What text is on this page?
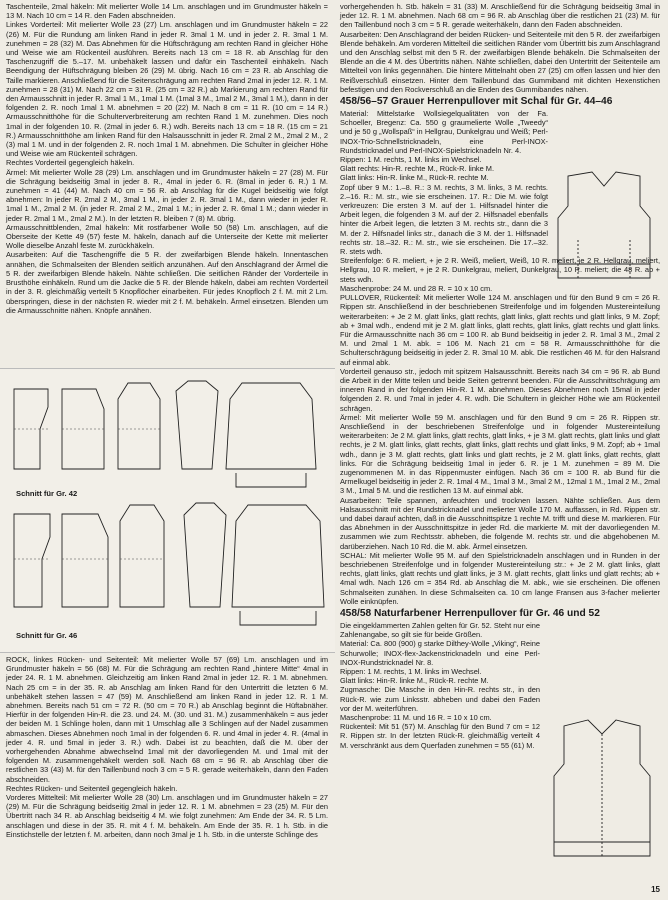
Taschenteile, 2mal häkeln: Mit melierter Wolle 14 Lm. anschlagen und im Grundmuster häkeln = 13 M. Nach 10 cm = 14 R. den Faden abschneiden.

Linkes Vorderteil: Mit melierter Wolle 23 (27) Lm. anschlagen und im Grundmuster häkeln = 22 (26) M. Für die Rundung am linken Rand in jeder R. 3mal 1 M. und in jeder 2. R. 3mal 1 M. zunehmen = 28 (32) M. Das Abnehmen für die Hüftschrägung am rechten Rand in gleicher Höhe und Weise wie am Rückenteil ausführen. Bereits nach 13 cm = 18 R. ab Anschlag für den Taschenzugriff die 5.–17. M. unbehäkelt lassen und dafür ein Taschenteil einhäkeln. Nach Beendigung der Hüftschrägung bleiben 26 (29) M. übrig. Nach 16 cm = 23 R. ab Anschlag die Taille markieren. Anschließend für die Seitenschrägung am rechten Rand 2mal in jeder 12. R. 1 M. zunehmen = 28 (31) M. Nach 22 cm = 31 R. (25 cm = 32 R.) ab Markierung am rechten Rand für den Armausschnitt in jeder R. 3mal 1 M., 1mal 1 M. (1mal 3 M., 1mal 2 M., 3mal 1 M.), dann in der folgenden 2. R. noch 1mal 1 M. abnehmen = 20 (22) M. Nach 8 cm = 11 R. (10 cm = 14 R.) Armausschnitthöhe für die Schulterverbreiterung am rechten Rand 1 M. zunehmen. Dies noch 1mal in der folgenden 10. R. (2mal in jeder 6. R.) wdh. Bereits nach 13 cm = 18 R. (15 cm = 21 R.) Armausschnitthöhe am linken Rand für den Halsausschnitt in jeder R. 2mal 2 M., 2mal 2 M., 2 (3) mal 1 M. und in der folgenden 2. R. noch 1mal 1 M. abnehmen. Die Schulter in gleicher Höhe und Weise wie am Rückenteil schrägen.

Rechtes Vorderteil gegengleich häkeln.

Ärmel: Mit melierter Wolle 28 (29) Lm. anschlagen und im Grundmuster häkeln = 27 (28) M. Für die Schrägung beidseitig 3mal in jeder 8. R., 4mal in jeder 6. R. (8mal in jeder 6. R.) 1 M. zunehmen = 41 (44) M. Nach 40 cm = 56 R. ab Anschlag für die Kugel beidseitig wie folgt abnehmen: In jeder R. 2mal 2 M., 3mal 1 M., in jeder 2. R. 3mal 1 M., dann wieder in jeder R. 1mal 1 M., 2mal 2 M. (in jeder R. 2mal 2 M., 2mal 1 M.; in jeder 2. R. 6mal 1 M.; dann wieder in jeder R. 2mal 1 M., 2mal 2 M.). In der letzten R. bleiben 7 (8) M. übrig.

Armausschnittblenden, 2mal häkeln: Mit rostfarbener Wolle 50 (58) Lm. anschlagen, auf die Oberseite der Kette 49 (57) feste M. häkeln, danach auf die Unterseite der Kette mit melierter Wolle dieselbe Anzahl feste M. zurückhäkeln.

Ausarbeiten: Auf die Taschengriffe die 5 R. der zweifarbigen Blende häkeln. Innentaschen annähen, die Schmalseiten der Blenden seitlich anzunähen. Auf den Anschlagrand der Ärmel die 5 R. der zweifarbigen Blende häkeln. Nähte schließen. Die seitlichen Ränder der Vorderteile in Brusthöhe einhäkeln. Rund um die Jacke die 5 R. der Blende häkeln, dabei am rechten Vorderteil in der 3. R. gleichmäßig verteilt 5 Knopflöcher einarbeiten. Für jedes Knopfloch 2 f. M. mit 2 Lm. überspringen, diese in der nächsten R. wieder mit 2 f. M. behäkeln. Ärmel einsetzen. Blenden um die Armausschnitte nähen. Knöpfe annähen.

Schnitt für Gr. 42
Schnitt für Gr. 46

ROCK, linkes Rücken- und Seitenteil: Mit melierter Wolle 57 (69) Lm. anschlagen und im Grundmuster häkeln = 56 (68) M. Für die Schrägung am rechten Rand „hintere Mitte“ 4mal in jeder 24. R. 1 M. abnehmen. Gleichzeitig am linken Rand 2mal in jeder 12. R. 1 M. abnehmen. Nach 25 cm = in der 35. R. ab Anschlag am linken Rand für den Untertritt die letzten 6 M. unbehäkelt stehen lassen = 47 (59) M. Anschließend am linken Rand in jeder 12. R. 1 M. abnehmen. Bereits nach 51 cm = 72 R. (50 cm = 70 R.) ab Anschlag beginnt die Hüftabnäher. Hierfür in der folgenden Hin-R. die 23. und 24. M. (30. und 31. M.) zusammenhäkeln = aus jeder der beiden M. 1 Schlinge holen, dann mit 1 Umschlag alle 3 Schlingen auf der Nadel zusammen abmaschen. Dieses Abnehmen noch 1mal in der folgenden 6. R. und 4mal in jeder 4. R. (4mal in jeder 4. R. und 5mal in jeder 3. R.) wdh. Dabei ist zu beachten, daß die M. über der vorhergehenden Abnahme abwechselnd 1mal mit der davorliegenden M. und 1mal mit der folgenden M. zusammengehäkelt werden soll. Nach 68 cm = 96 R. ab Anschlag über die restlichen 33 (43) M. für den Taillenbund noch 3 cm = 5 R. gerade weiterhäkeln, dann den Faden abschneiden.

Rechtes Rücken- und Seitenteil gegengleich häkeln.

Vorderes Mittelteil: Mit melierter Wolle 28 (30) Lm. anschlagen und im Grundmuster häkeln = 27 (29) M. Für die Schrägung beidseitig 2mal in jeder 12. R. 1 M. abnehmen = 23 (25) M. Für den Übertritt nach 34 R. ab Anschlag beidseitig 4 M. wie folgt zunehmen: Am Ende der 34. R. 5 Lm. anschlagen und diese in der 35. R. mit 4 f. M. behäkeln. Am Ende der 35. R. 1 h. Stb. in die Einstichstelle der letzten f. M. arbeiten, dann noch 3mal je 1 h. Stb. in die unterste Schlinge des

vorhergehenden h. Stb. häkeln = 31 (33) M. Anschließend für die Schrägung beidseitig 3mal in jeder 12. R. 1 M. abnehmen. Nach 68 cm = 96 R. ab Anschlag über die restlichen 21 (23) M. für den Taillenbund noch 3 cm = 5 R. gerade weiterhäkeln, dann den Faden abschneiden.

Ausarbeiten: Den Anschlagrand der beiden Rücken- und Seitenteile mit den 5 R. der zweifarbigen Blende behäkeln. Am vorderen Mittelteil die seitlichen Ränder vom Übertritt bis zum Anschlagrand und den Anschlag selbst mit den 5 R. der zweifarbigen Blende behäkeln. Die Schmalseiten der Blende an die 4 M. des Übertritts nähen. Nähte schließen, dabei den Untertritt der Seitenteile am Mittelteil von links gegennähen. Die hintere Mittelnaht oben 27 (25) cm offen lassen und hier den Reißverschluß einsetzen. Hinter dem Taillenbund das Gummiband mit dichten Hexenstichen befestigen und den Rockverschluß an die Enden des Gummibandes nähen.

458/56–57 Grauer Herrenpullover mit Schal für Gr. 44–46

Material: Mittelstarke Wollsiegelqualitäten von der Fa. Schoeller, Bregenz: Ca. 550 g graumelierte Wolle „Tweedy“ und je 50 g „Wollspaß“ in Hellgrau, Dunkelgrau und Weiß; Perl-INOX-Trio-Schnellstricknadeln, eine Perl-INOX-Rundstricknadel und Perl-INOX-Spielstricknadeln Nr. 4.

Rippen: 1 M. rechts, 1 M. links im Wechsel.

Glatt rechts: Hin-R. rechte M., Rück-R. linke M.

Glatt links: Hin-R. linke M., Rück-R. rechte M.

Zopf über 9 M.: 1.–8. R.: 3 M. rechts, 3 M. links, 3 M. rechts. 2.–16. R.: M. str., wie sie erscheinen. 17. R.: Die M. wie folgt verkreuzen: Die ersten 3 M. auf der 1. Hilfsnadel hinter die Arbeit legen, die folgenden 3 M. auf der 2. Hilfsnadel ebenfalls hinter die Arbeit legen, die letzten 3 M. rechts str., dann die 3 M. der 2. Hilfsnadel links str., danach die 3 M. der 1. Hilfsnadel rechts str. 18.–32. R.: M. str., wie sie erscheinen. Die 17.–32. R. stets wdh.

Streifenfolge: 6 R. meliert, + je 2 R. Weiß, meliert, Weiß, 10 R. meliert, je 2 R. Hellgrau, meliert, Hellgrau, 10 R. meliert, + je 2 R. Dunkelgrau, meliert, Dunkelgrau, 10 R. meliert; die 48 R. ab + stets wdh.

Maschenprobe: 24 M. und 28 R. = 10 x 10 cm.

PULLOVER, Rückenteil: Mit melierter Wolle 124 M. anschlagen und für den Bund 9 cm = 26 R. Rippen str. Anschließend in der beschriebenen Streifenfolge und im folgenden Mustereinteilung weiterarbeiten: + Je 2 M. glatt links, glatt rechts, glatt links, glatt rechts und glatt links, 9 M. Zopf; ab + 3mal wdh., endend mit je 2 M. glatt links, glatt rechts, glatt links, glatt rechts und glatt links. Für die Armausschnitte nach 36 cm = 100 R. ab Bund beidseitig in jeder 2. R. 1mal 3 M., 2mal 2 M. und 2mal 1 M. abk. = 106 M. Nach 21 cm = 58 R. Armausschnitthöhe für die Schulterschrägung beidseitig in jeder 2. R. 3mal 10 M. abk. Die restlichen 46 M. für den Halsrand auf einmal abk.

Vorderteil genauso str., jedoch mit spitzem Halsausschnitt. Bereits nach 34 cm = 96 R. ab Bund die Arbeit in der Mitte teilen und beide Seiten getrennt beenden. Für die Ausschnittschrägung am inneren Rand in der folgenden Hin-R. 1 M. abnehmen. Dieses Abnehmen noch 15mal in jeder folgenden 2. R. und 7mal in jeder 4. R. wdh. Die Schultern in gleicher Höhe wie am Rückenteil schrägen.

Ärmel: Mit melierter Wolle 59 M. anschlagen und für den Bund 9 cm = 26 R. Rippen str. Anschließend in der beschriebenen Streifenfolge und in folgender Mustereinteilung weiterarbeiten: Je 2 M. glatt links, glatt rechts, glatt links, + je 3 M. glatt rechts, glatt links und glatt rechts, je 2 M. glatt links, glatt rechts, glatt links, glatt rechts und glatt links, 9 M. Zopf; ab + 1mal wdh., dann je 3 M. glatt rechts, glatt links und glatt rechts, je 2 M. glatt links, glatt rechts, glatt links. Für die Schrägung beidseitig 1mal in jeder 6. R. je 1 M. zunehmen = 89 M. Die zugenommenen M. in das Rippenmuster einfügen. Nach 36 cm = 100 R. ab Bund für die Armelkugel beidseitig in jeder 2. R. 1mal 4 M., 1mal 3 M., 3mal 2 M., 12mal 1 M., 1mal 2 M., 2mal 3 M., 1mal 5 M. und die restlichen 13 M. auf einmal abk.

Ausarbeiten: Teile spannen, anfeuchten und trocknen lassen. Nähte schließen. Aus dem Halsausschnitt mit der Rundstricknadel und melierter Wolle 170 M. auffassen, in Rd. Rippen str. und dabei darauf achten, daß in die Ausschnittspitze 1 rechte M. trifft und diese M. markieren. Für das Abnehmen in der Ausschnittspitze in jeder Rd. die markierte M. mit der davorliegenden M. zusammen wie zum Rechtsstr. abheben, die folgende M. rechts str. und die abgehobenen M. darüberziehen. Nach 10 Rd. die M. abk. Ärmel einsetzen.

SCHAL: Mit melierter Wolle 95 M. auf den Spielstricknadeln anschlagen und in Runden in der beschriebenen Streifenfolge und in folgender Mustereinteilung str.: + Je 2 M. glatt links, glatt rechts, glatt links, glatt rechts und glatt links, je 3 M. glatt rechts, glatt links und glatt rechts; ab + 4mal wdh. Nach 126 cm = 354 Rd. ab Anschlag die M. abk., wie sie erscheinen. Die offenen Schmalseiten zunähen. In diese Schmalseiten ca. 10 cm lange Fransen aus 3-facher melierter Wolle einknüpfen.

458/58 Naturfarbener Herrenpullover für Gr. 46 und 52

Die eingeklammerten Zahlen gelten für Gr. 52. Steht nur eine Zahlenangabe, so gilt sie für beide Größen.

Material: Ca. 800 (900) g starke Dilthey-Wolle „Viking“, Reine Schurwolle; INOX-flex-Jackenstricknadeln und eine Perl-INOX-Rundstricknadel Nr. 8.

Rippen: 1 M. rechts, 1 M. links im Wechsel.

Glatt links: Hin-R. linke M., Rück-R. rechte M.

Zugmasche: Die Masche in den Hin-R. rechts str., in den Rück-R. wie zum Linksstr. abheben und dabei den Faden vor der M. weiterführen.

Maschenprobe: 11 M. und 16 R. = 10 x 10 cm.

Rückenteil: Mit 51 (57) M. Anschlag für den Bund 7 cm = 12 R. Rippen str. In der letzten Rück-R. gleichmäßig verteilt 4 M. verschränkt aus dem Querfaden zunehmen = 55 (61) M.

15
